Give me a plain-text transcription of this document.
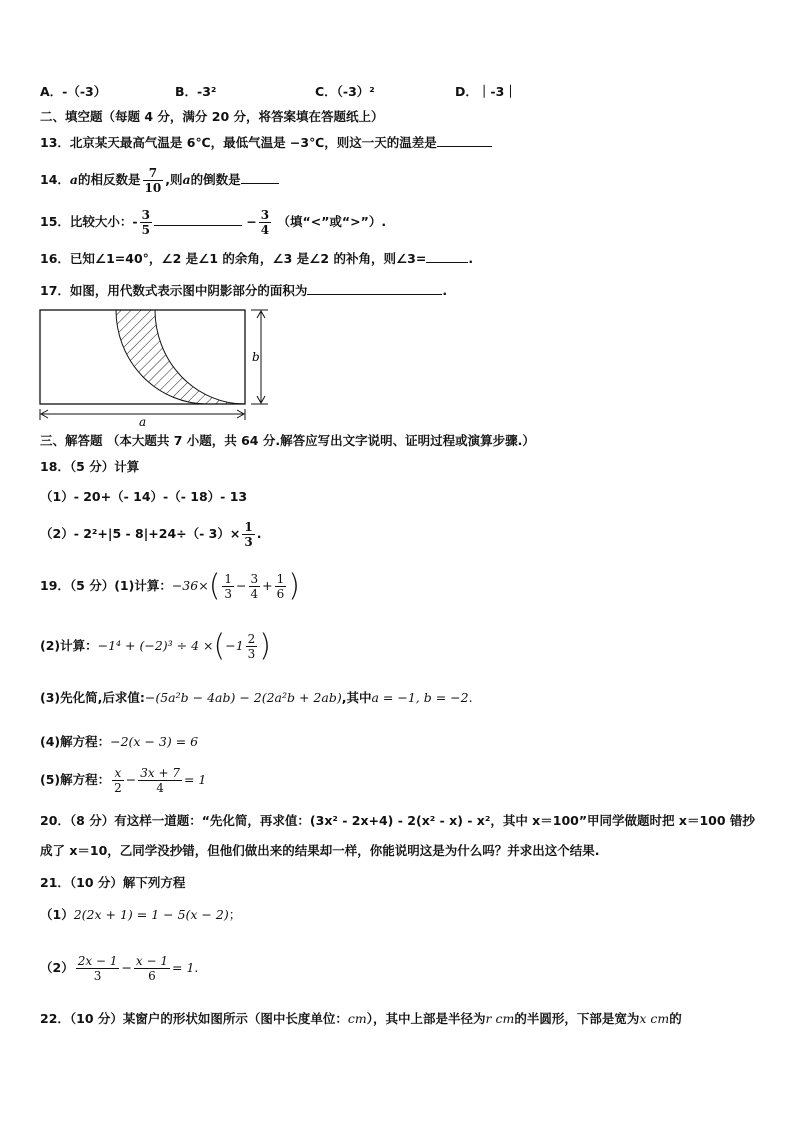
A．-（-3）	B．-3²	C．（-3）²	D．｜-3｜
二、填空题（每题 4 分，满分 20 分，将答案填在答题纸上）
13．北京某天最高气温是 6℃，最低气温是 −3℃，则这一天的温差是
14．a的相反数是 $\frac{7}{10}$ ,则a的倒数是
15．比较大小：- $\frac{3}{5}$	− $\frac{3}{4}$ （填“<”或“>”）.
16．已知∠1=40°，∠2 是∠1 的余角，∠3 是∠2 的补角，则∠3=	.
17．如图，用代数式表示图中阴影部分的面积为	.
b
a
三、解答题 （本大题共 7 小题，共 64 分.解答应写出文字说明、证明过程或演算步骤.）
18．（5 分）计算
（1）- 20+（- 14）-（- 18）- 13
（2）- 2²+|5 - 8|+24÷（- $3)\times \frac{1}{3}$ .
19．（5 分）(1)计算：$-36\times( \frac{1}{3} - \frac{3}{4} + \frac{1}{6}$ )
(2)计算：$-1^4 + (-2)^3 \div 4 \times(-1 \frac{2}{3}$ )
(3)先化简,后求值:−(5a²b − 4ab) − 2(2a²b + 2ab),其中a = −1, b = −2.
(4)解方程：−2(x − 3) = 6
(5)解方程： $\frac{x}{2} - \frac{3x + 7}{4} = 1$
20．（8 分）有这样一道题：“先化简，再求值：(3x² - 2x+4) - 2(x² - x) - x²，其中 x＝100”甲同学做题时把 x＝100 错抄
成了 x＝10，乙同学没抄错，但他们做出来的结果却一样，你能说明这是为什么吗？并求出这个结果.
21．（10 分）解下列方程
（1）2(2x + 1) = 1 − 5(x − 2)；
$(2) \frac{2x - 1}{3} - \frac{x - 1}{6} = 1$.
22．（10 分）某窗户的形状如图所示（图中长度单位：cm），其中上部是半径为r cm的半圆形，下部是宽为x cm的
